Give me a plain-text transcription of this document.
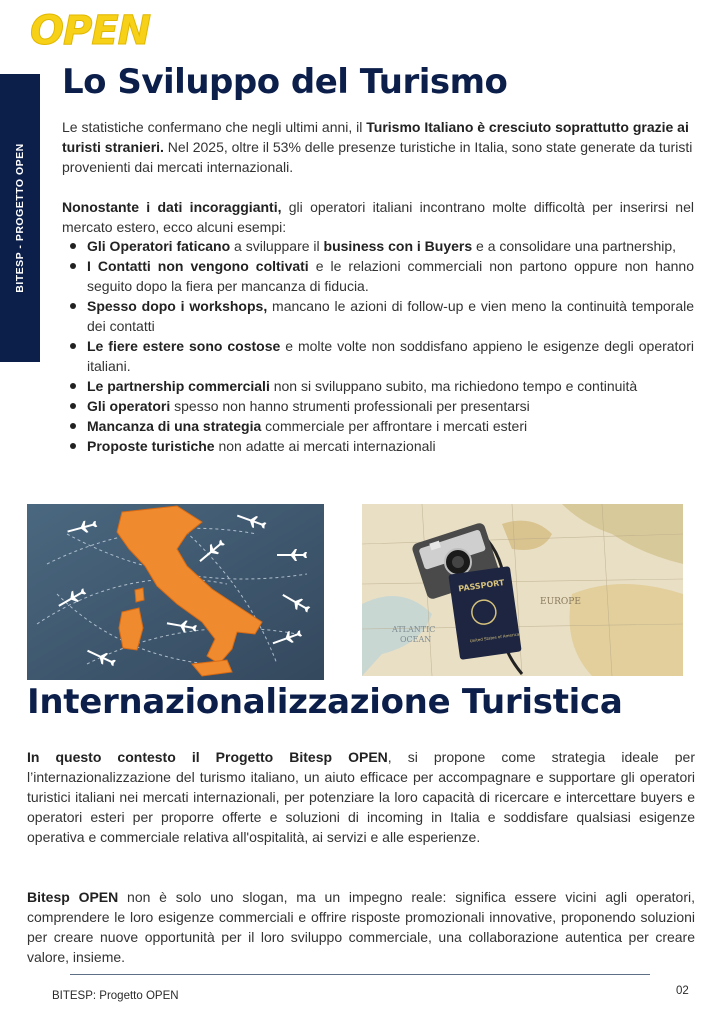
OPEN
BITESP - PROGETTO OPEN
Lo Sviluppo del Turismo
Le statistiche confermano che negli ultimi anni, il Turismo Italiano è cresciuto soprattutto grazie ai turisti stranieri. Nel 2025, oltre il 53% delle presenze turistiche in Italia, sono state generate da turisti provenienti dai mercati internazionali.
Nonostante i dati incoraggianti, gli operatori italiani incontrano molte difficoltà per inserirsi nel mercato estero, ecco alcuni esempi:
Gli Operatori faticano a sviluppare il business con i Buyers e a consolidare una partnership,
I Contatti non vengono coltivati e le relazioni commerciali non partono oppure non hanno seguito dopo la fiera per mancanza di fiducia.
Spesso dopo i workshops, mancano le azioni di follow-up e vien meno la continuità temporale dei contatti
Le fiere estere sono costose e molte volte non soddisfano appieno le esigenze degli operatori italiani.
Le partnership commerciali non si sviluppano subito, ma richiedono tempo e continuità
Gli operatori spesso non hanno strumenti professionali per presentarsi
Mancanza di una strategia commerciale per affrontare i mercati esteri
Proposte turistiche non adatte ai mercati internazionali
ATLANTIC
OCEAN
EUROPE
PASSPORT
United States of America
Internazionalizzazione Turistica
In questo contesto il Progetto Bitesp OPEN, si propone come strategia ideale per l’internazionalizzazione del turismo italiano, un aiuto efficace per accompagnare e supportare gli operatori turistici italiani nei mercati internazionali, per potenziare la loro capacità di ricercare e intercettare buyers e operatori esteri per proporre offerte e soluzioni di incoming in Italia e soddisfare qualsiasi esigenze operativa e commerciale relativa all'ospitalità, ai servizi e alle esperienze.
Bitesp OPEN non è solo uno slogan, ma un impegno reale: significa essere vicini agli operatori, comprendere le loro esigenze commerciali e offrire risposte promozionali innovative, proponendo soluzioni per creare nuove opportunità per il loro sviluppo commerciale, una collaborazione autentica per creare valore, insieme.
BITESP: Progetto OPEN	02
